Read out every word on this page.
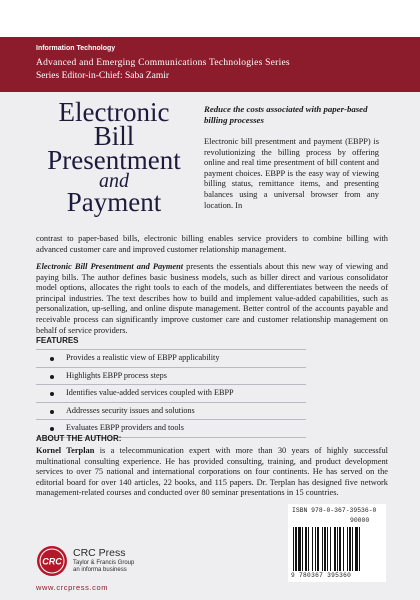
Information Technology
Advanced and Emerging Communications Technologies Series
Series Editor-in-Chief: Saba Zamir
Electronic
Bill
Presentment
and
Payment
Reduce the costs associated with paper-based billing processes
Electronic bill presentment and payment (EBPP) is revolutionizing the billing process by offering online and real time presentment of bill content and payment choices. EBPP is the easy way of viewing billing status, remittance items, and presenting balances using a universal browser from any location. In
contrast to paper-based bills, electronic billing enables service providers to combine billing with advanced customer care and improved customer relationship management.
Electronic Bill Presentment and Payment presents the essentials about this new way of viewing and paying bills. The author defines basic business models, such as biller direct and various consolidator model options, allocates the right tools to each of the models, and differentiates between the needs of principal industries. The text describes how to build and implement value-added capabilities, such as personalization, up-selling, and online dispute management. Better control of the accounts payable and receivable process can significantly improve customer care and customer relationship management on behalf of service providers.
FEATURES
Provides a realistic view of EBPP applicability
Highlights EBPP process steps
Identifies value-added services coupled with EBPP
Addresses security issues and solutions
Evaluates EBPP providers and tools
ABOUT THE AUTHOR:
Kornel Terplan is a telecommunication expert with more than 30 years of highly successful multinational consulting experience. He has provided consulting, training, and product development services to over 75 national and international corporations on four continents. He has served on the editorial board for over 140 articles, 22 books, and 115 papers. Dr. Terplan has designed five network management-related courses and conducted over 80 seminar presentations in 15 countries.
CRC
CRC Press
Taylor & Francis Group
an informa business
www.crcpress.com
ISBN 978-0-367-39536-0
90000
9 780367 395360
